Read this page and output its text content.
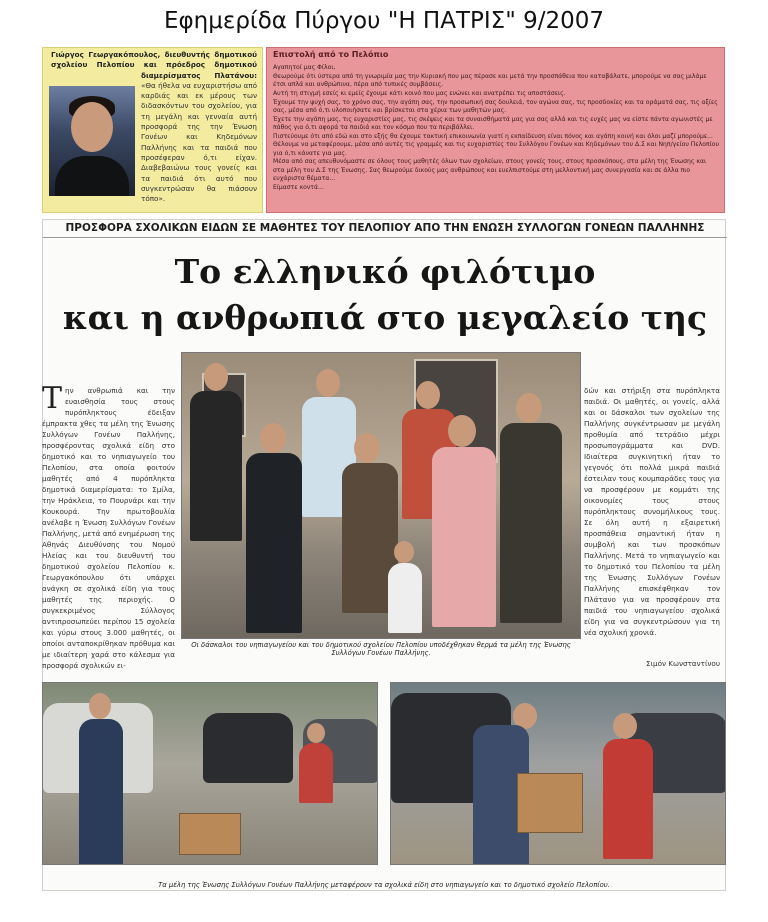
Εφημερίδα Πύργου "Η ΠΑΤΡΙΣ" 9/2007
Γιώργος Γεωργακόπουλος, διευθυντής δημοτικού σχολείου Πελοπίου και πρόεδρος δημοτικού διαμερίσματος Πλατάνου:
«Θα ήθελα να ευχαριστήσω από καρδιάς και εκ μέρους των διδασκόντων του σχολείου, για τη μεγάλη και γενναία αυτή προσφορά της την Ένωση Γονέων και Κηδεμόνων Παλλήνης και τα παιδιά που προσέφεραν ό,τι είχαν. Διαβεβαιώνω τους γονείς και τα παιδιά ότι αυτό που συγκεντρώσαν θα πιάσουν τόπο».
Επιστολή από το Πελόπιο

Αγαπητοί μας Φίλοι,

Θεωρούμε ότι ύστερα από τη γνωριμία μας την Κυριακή που μας πέρασε και μετά την προσπάθεια που καταβάλατε, μπορούμε να σας μιλάμε έτσι απλά και ανθρώπινα, πέρα από τυπικές συμβάσεις.

Αυτή τη στιγμή εσείς κι εμείς έχουμε κάτι κοινό που μας ενώνει και ανατρέπει τις αποστάσεις.

Έχουμε την ψυχή σας, το χρόνο σας, την αγάπη σας, την προσωπική σας δουλειά, τον αγώνα σας, τις προσδοκίες και τα οράματά σας, τις αξίες σας, μέσα από ό,τι υλοποιήσατε και βρίσκεται στα χέρια των μαθητών μας.

Έχετε την αγάπη μας, τις ευχαριστίες μας, τις σκέψεις και τα συναισθήματά μας για σας αλλά και τις ευχές μας να είστε πάντα αγωνιστές με πάθος για ό,τι αφορά τα παιδιά και τον κόσμο που τα περιβάλλει.

Πιστεύουμε ότι από εδώ και στο εξής θα έχουμε τακτική επικοινωνία γιατί η εκπαίδευση είναι πόνος και αγάπη κοινή και όλοι μαζί μπορούμε...

Θέλουμε να μεταφέρουμε, μέσα από αυτές τις γραμμές και τις ευχαριστίες του Συλλόγου Γονέων και Κηδεμόνων του Δ.Σ και Νηπ/γείου Πελοπίου για ό,τι κάνατε για μας.

Μέσα από σας απευθυνόμαστε σε όλους τους μαθητές όλων των σχολείων, στους γονείς τους, στους προσκόπους, στα μέλη της Ένωσης και στα μέλη του Δ.Σ της Ένωσης. Σας θεωρούμε δικούς μας ανθρώπους και ευελπιστούμε στη μελλοντική μας συνεργασία και σε άλλα πιο ευχάριστα θέματα...

Είμαστε κοντά...

ΠΡΟΣΦΟΡΑ ΣΧΟΛΙΚΩΝ ΕΙΔΩΝ ΣΕ ΜΑΘΗΤΕΣ ΤΟΥ ΠΕΛΟΠΙΟΥ ΑΠΟ ΤΗΝ ΕΝΩΣΗ ΣΥΛΛΟΓΩΝ ΓΟΝΕΩΝ ΠΑΛΛΗΝΗΣ
Το ελληνικό φιλότιμο
και η ανθρωπιά στο μεγαλείο της
Τ ην ανθρωπιά και την ευαισθησία τους στους πυρόπληκτους έδειξαν έμπρακτα χθες τα μέλη της Ένωσης Συλλόγων Γονέων Παλλήνης, προσφέροντας σχολικά είδη στο δημοτικό και το νηπιαγωγείο του Πελοπίου, στα οποία φοιτούν μαθητές από 4 πυρόπληκτα δημοτικά διαμερίσματα: το Σμίλα, την Ηράκλεια, το Πουρνάρι και την Κουκουρά. Την πρωτοβουλία ανέλαβε η Ένωση Συλλόγων Γονέων Παλλήνης, μετά από ενημέρωση της Αθηνάς Διευθύνσης του Νομού Ηλείας και του διευθυντή του δημοτικού σχολείου Πελοπίου κ. Γεωργακόπουλου ότι υπάρχει ανάγκη σε σχολικά είδη για τους μαθητές της περιοχής. Ο συγκεκριμένος Σύλλογος αντιπροσωπεύει περίπου 15 σχολεία και γύρω στους 3.000 μαθητές, οι οποίοι ανταποκρίθηκαν πρόθυμα και με ιδιαίτερη χαρά στο κάλεσμα για προσφορά σχολικών ει-
δών και στήριξη στα πυρόπληκτα παιδιά. Οι μαθητές, οι γονείς, αλλά και οι δάσκαλοι των σχολείων της Παλλήνης συγκέντρωσαν με μεγάλη προθυμία από τετράδιο μέχρι προσωπογράμματα και DVD. Ιδιαίτερα συγκινητική ήταν το γεγονός ότι πολλά μικρά παιδιά έστειλαν τους κουμπαράδες τους για να προσφέρουν με κομμάτι της οικονομίες τους στους πυρόπληκτους συνομήλικους τους. Σε όλη αυτή η εξαιρετική προσπάθεια σημαντική ήταν η συμβολή και των προσκόπων Παλλήνης. Μετά το νηπιαγωγείο και το δημοτικό του Πελοπίου τα μέλη της Ένωσης Συλλόγων Γονέων Παλλήνης επισκέφθηκαν τον Πλάτανο για να προσφέρουν στα παιδιά του νηπιαγωγείου σχολικά είδη για να συγκεντρώσουν για τη νέα σχολική χρονιά.
Σιμόν Κωνσταντίνου
Οι δάσκαλοι του νηπιαγωγείου και του δημοτικού σχολείου Πελοπίου υποδέχθηκαν θερμά τα μέλη της Ένωσης Συλλόγων Γονέων Παλλήνης.
Τα μέλη της Ένωσης Συλλόγων Γονέων Παλλήνης μεταφέρουν τα σχολικά είδη στο νηπιαγωγείο και το δημοτικό σχολείο Πελοπίου.
